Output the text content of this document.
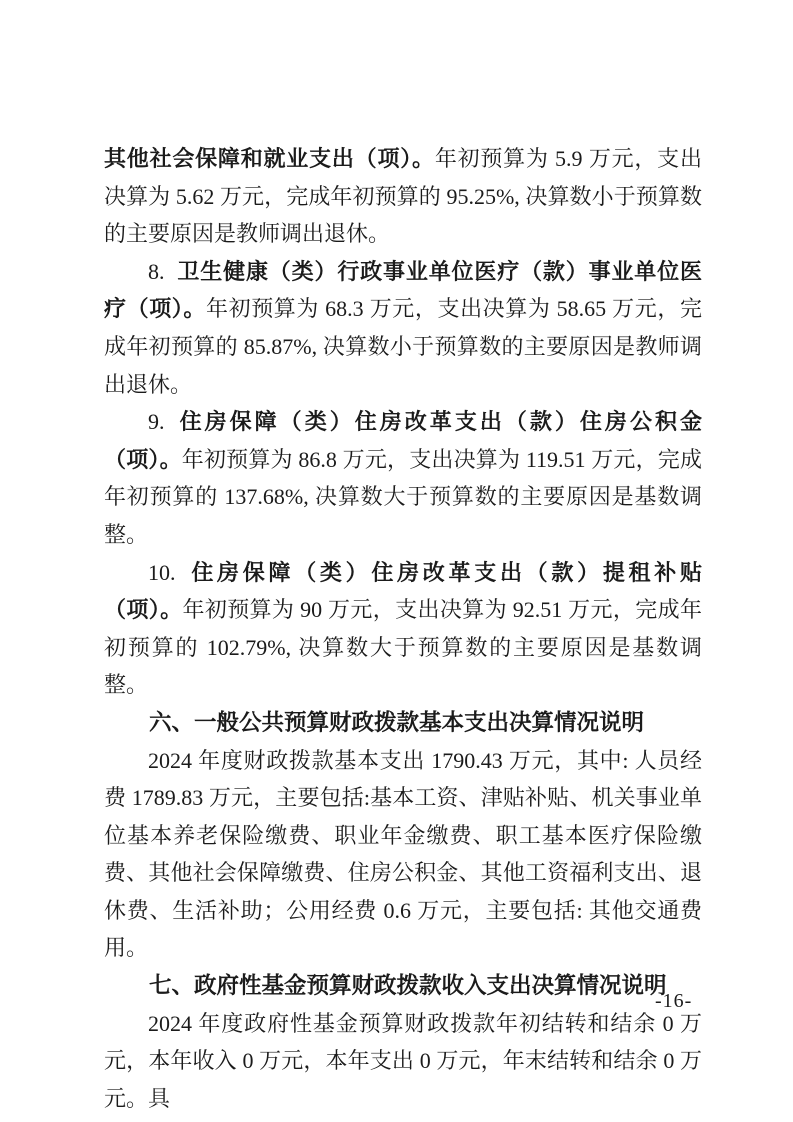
其他社会保障和就业支出（项）。年初预算为 5.9 万元，支出决算为 5.62 万元，完成年初预算的 95.25%, 决算数小于预算数的主要原因是教师调出退休。

8. 卫生健康（类）行政事业单位医疗（款）事业单位医疗（项）。年初预算为 68.3 万元，支出决算为 58.65 万元，完成年初预算的 85.87%, 决算数小于预算数的主要原因是教师调出退休。

9. 住房保障（类）住房改革支出（款）住房公积金（项）。年初预算为 86.8 万元，支出决算为 119.51 万元，完成年初预算的 137.68%, 决算数大于预算数的主要原因是基数调整。

10. 住房保障（类）住房改革支出（款）提租补贴（项）。年初预算为 90 万元，支出决算为 92.51 万元，完成年初预算的 102.79%, 决算数大于预算数的主要原因是基数调整。

六、一般公共预算财政拨款基本支出决算情况说明

2024 年度财政拨款基本支出 1790.43 万元，其中: 人员经费 1789.83 万元，主要包括:基本工资、津贴补贴、机关事业单位基本养老保险缴费、职业年金缴费、职工基本医疗保险缴费、其他社会保障缴费、住房公积金、其他工资福利支出、退休费、生活补助；公用经费 0.6 万元，主要包括: 其他交通费用。

七、政府性基金预算财政拨款收入支出决算情况说明

2024 年度政府性基金预算财政拨款年初结转和结余 0 万元，本年收入 0 万元，本年支出 0 万元，年末结转和结余 0 万元。具

-16-
